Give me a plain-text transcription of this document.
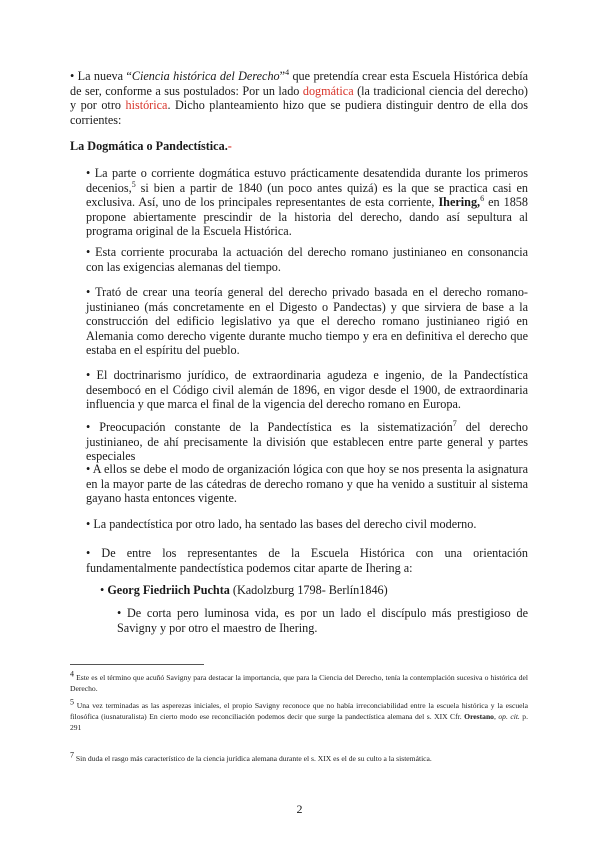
• La nueva “Ciencia histórica del Derecho”$^4$ que pretendía crear esta Escuela Histórica debía de ser, conforme a sus postulados: Por un lado dogmática (la tradicional ciencia del derecho) y por otro histórica. Dicho planteamiento hizo que se pudiera distinguir dentro de ella dos corrientes:
La Dogmática o Pandectística.-
• La parte o corriente dogmática estuvo prácticamente desatendida durante los primeros decenios,$^5$ si bien a partir de 1840 (un poco antes quizá) es la que se practica casi en exclusiva. Así, uno de los principales representantes de esta corriente, Ihering,$^6$ en 1858 propone abiertamente prescindir de la historia del derecho, dando así sepultura al programa original de la Escuela Histórica.
• Esta corriente procuraba la actuación del derecho romano justinianeo en consonancia con las exigencias alemanas del tiempo.
• Trató de crear una teoría general del derecho privado basada en el derecho romano-justinianeo (más concretamente en el Digesto o Pandectas) y que sirviera de base a la construcción del edificio legislativo ya que el derecho romano justinianeo rigió en Alemania como derecho vigente durante mucho tiempo y era en definitiva el derecho que estaba en el espíritu del pueblo.
• El doctrinarismo jurídico, de extraordinaria agudeza e ingenio, de la Pandectística desembocó en el Código civil alemán de 1896, en vigor desde el 1900, de extraordinaria influencia y que marca el final de la vigencia del derecho romano en Europa.
• Preocupación constante de la Pandectística es la sistematización$^7$ del derecho justinianeo, de ahí precisamente la división que establecen entre parte general y partes especiales
• A ellos se debe el modo de organización lógica con que hoy se nos presenta la asignatura en la mayor parte de las cátedras de derecho romano y que ha venido a sustituir al sistema gayano hasta entonces vigente.
• La pandectística por otro lado, ha sentado las bases del derecho civil moderno.
• De entre los representantes de la Escuela Histórica con una orientación fundamentalmente pandectística podemos citar aparte de Ihering a:
• Georg Fiedriich Puchta (Kadolzburg 1798- Berlín1846)
• De corta pero luminosa vida, es por un lado el discípulo más prestigioso de Savigny y por otro el maestro de Ihering.
$^4$ Este es el término que acuñó Savigny para destacar la importancia, que para la Ciencia del Derecho, tenía la contemplación sucesiva o histórica del Derecho.
$^5$ Una vez terminadas as las asperezas iniciales, el propio Savigny reconoce que no había irreconciabilidad entre la escuela histórica y la escuela filosófica (iusnaturalista) En cierto modo ese reconciliación podemos decir que surge la pandectística alemana del s. XIX Cfr. Orestano, op. cit. p. 291
$^7$ Sin duda el rasgo más característico de la ciencia jurídica alemana durante el s. XIX es el de su culto a la sistemática.
2
